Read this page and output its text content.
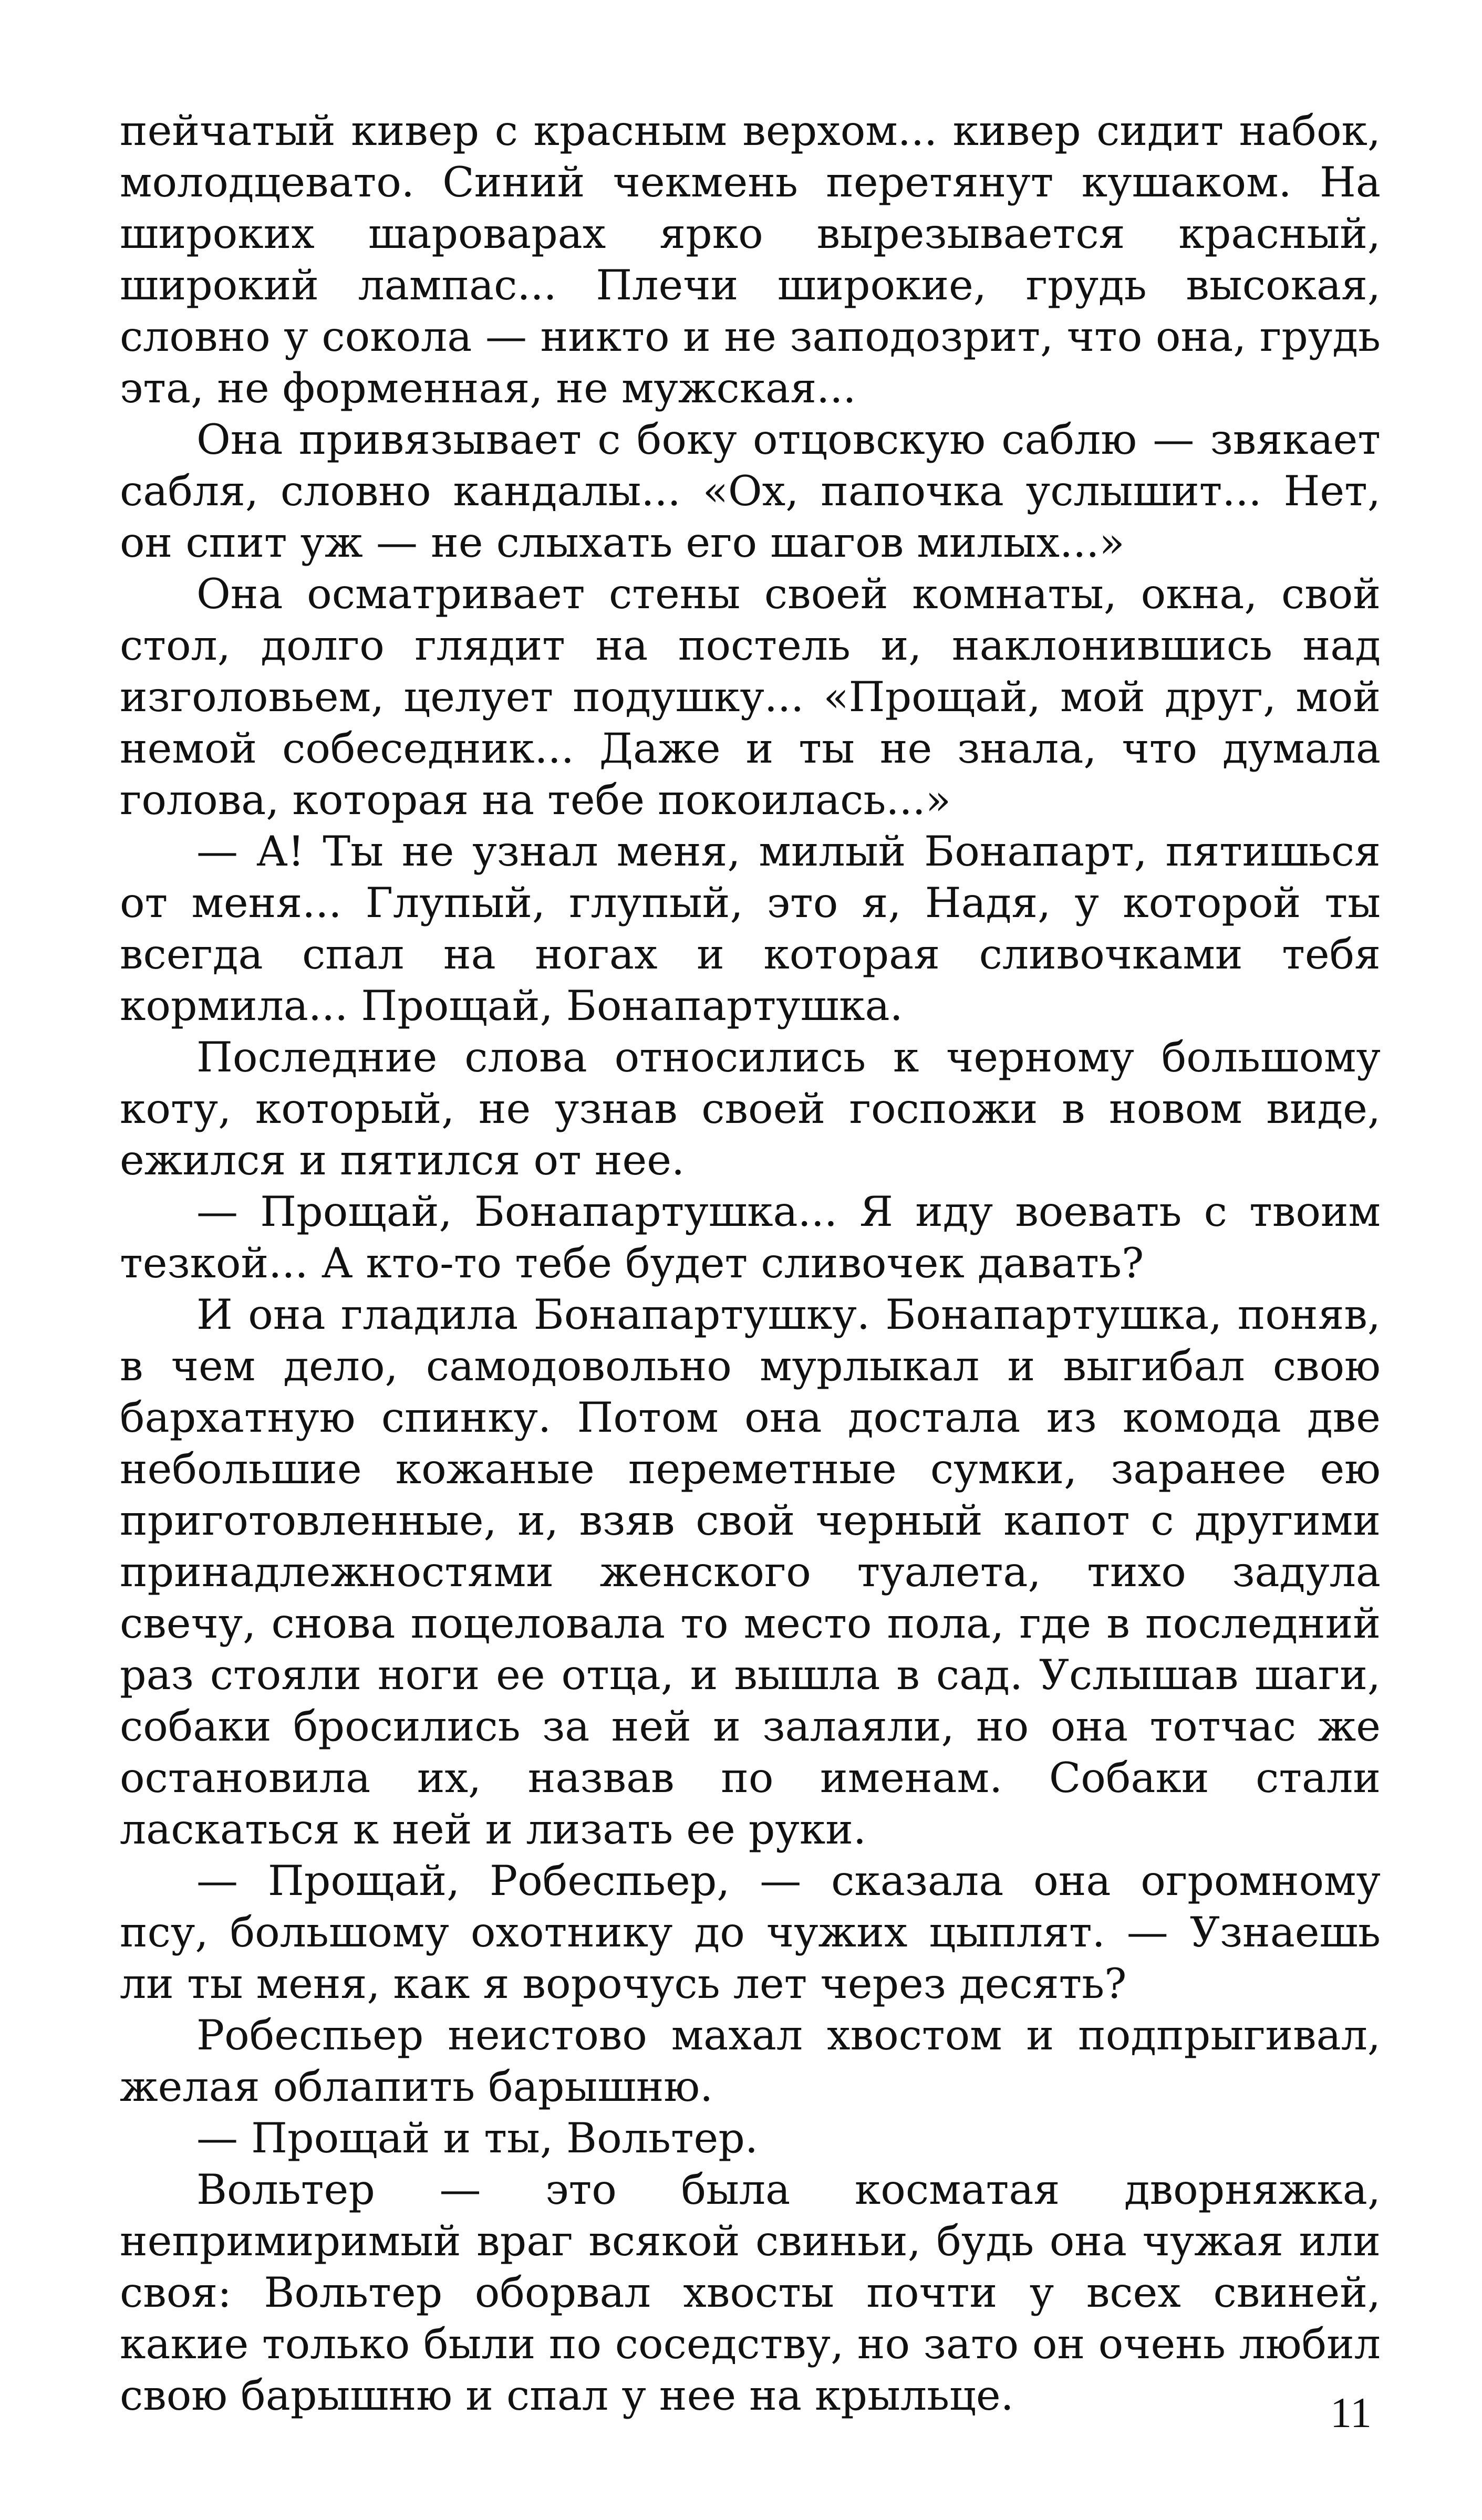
пейчатый кивер с красным верхом... кивер сидит набок, молодцевато. Синий чекмень перетянут кушаком. На широких шароварах ярко вырезывается красный, широкий лампас... Плечи широкие, грудь высокая, словно у сокола — никто и не заподозрит, что она, грудь эта, не форменная, не мужская...

Она привязывает с боку отцовскую саблю — звякает сабля, словно кандалы... «Ох, папочка услышит... Нет, он спит уж — не слыхать его шагов милых...»

Она осматривает стены своей комнаты, окна, свой стол, долго глядит на постель и, наклонившись над изголовьем, целует подушку... «Прощай, мой друг, мой немой собеседник... Даже и ты не знала, что думала голова, которая на тебе покоилась...»

— А! Ты не узнал меня, милый Бонапарт, пятишься от меня... Глупый, глупый, это я, Надя, у которой ты всегда спал на ногах и которая сливочками тебя кормила... Прощай, Бонапартушка.

Последние слова относились к черному большому коту, который, не узнав своей госпожи в новом виде, ежился и пятился от нее.

— Прощай, Бонапартушка... Я иду воевать с твоим тезкой... А кто-то тебе будет сливочек давать?

И она гладила Бонапартушку. Бонапартушка, поняв, в чем дело, самодовольно мурлыкал и выгибал свою бархатную спинку. Потом она достала из комода две небольшие кожаные переметные сумки, заранее ею приготовленные, и, взяв свой черный капот с другими принадлежностями женского туалета, тихо задула свечу, снова поцеловала то место пола, где в последний раз стояли ноги ее отца, и вышла в сад. Услышав шаги, собаки бросились за ней и залаяли, но она тотчас же остановила их, назвав по именам. Собаки стали ласкаться к ней и лизать ее руки.

— Прощай, Робеспьер, — сказала она огромному псу, большому охотнику до чужих цыплят. — Узнаешь ли ты меня, как я ворочусь лет через десять?

Робеспьер неистово махал хвостом и подпрыгивал, желая облапить барышню.

— Прощай и ты, Вольтер.

Вольтер — это была косматая дворняжка, непримиримый враг всякой свиньи, будь она чужая или своя: Вольтер оборвал хвосты почти у всех свиней, какие только были по соседству, но зато он очень любил свою барышню и спал у нее на крыльце.	11
